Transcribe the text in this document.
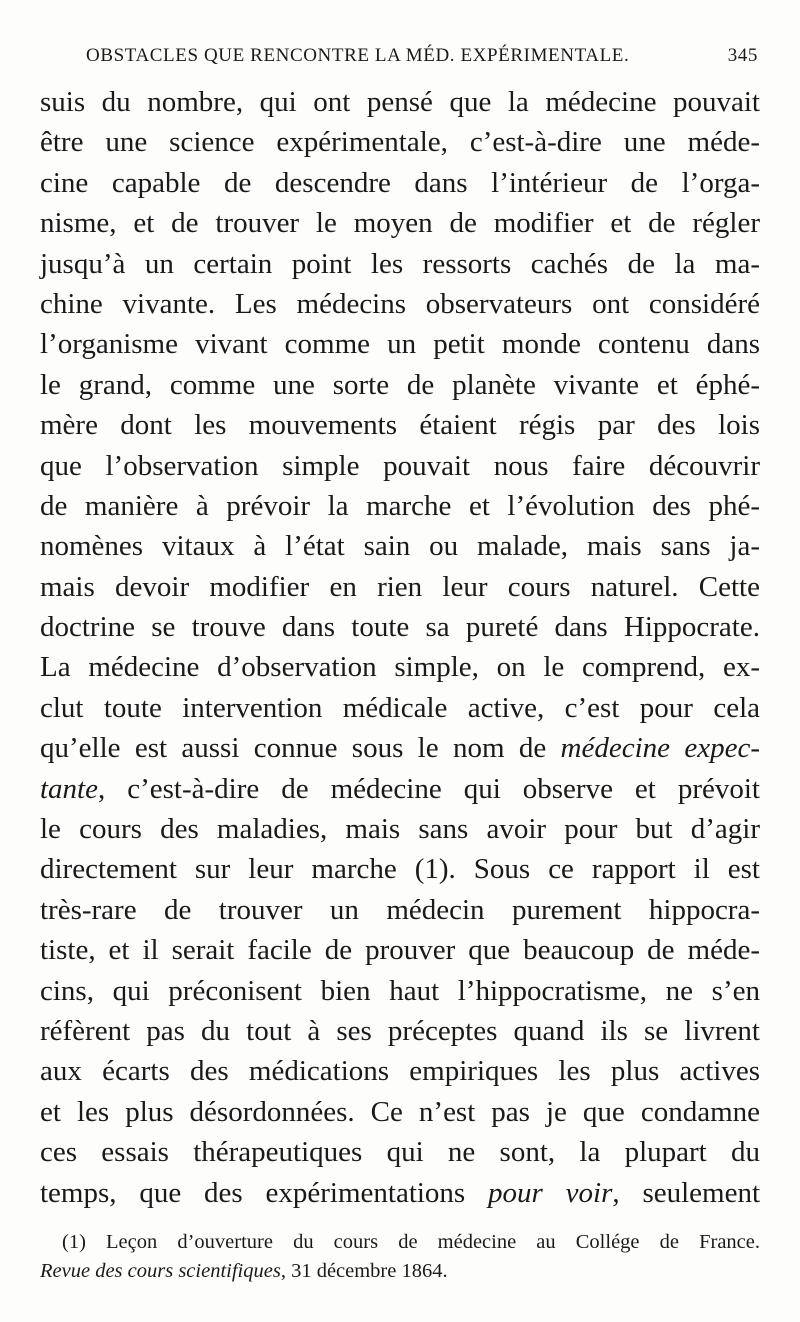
OBSTACLES QUE RENCONTRE LA MÉD. EXPÉRIMENTALE.	345
suis du nombre, qui ont pensé que la médecine pouvait
être une science expérimentale, c’est-à-dire une méde-
cine capable de descendre dans l’intérieur de l’orga-
nisme, et de trouver le moyen de modifier et de régler
jusqu’à un certain point les ressorts cachés de la ma-
chine vivante. Les médecins observateurs ont considéré
l’organisme vivant comme un petit monde contenu dans
le grand, comme une sorte de planète vivante et éphé-
mère dont les mouvements étaient régis par des lois
que l’observation simple pouvait nous faire découvrir
de manière à prévoir la marche et l’évolution des phé-
nomènes vitaux à l’état sain ou malade, mais sans ja-
mais devoir modifier en rien leur cours naturel. Cette
doctrine se trouve dans toute sa pureté dans Hippocrate.
La médecine d’observation simple, on le comprend, ex-
clut toute intervention médicale active, c’est pour cela
qu’elle est aussi connue sous le nom de médecine expec-
tante, c’est-à-dire de médecine qui observe et prévoit
le cours des maladies, mais sans avoir pour but d’agir
directement sur leur marche (1). Sous ce rapport il est
très-rare de trouver un médecin purement hippocra-
tiste, et il serait facile de prouver que beaucoup de méde-
cins, qui préconisent bien haut l’hippocratisme, ne s’en
réfèrent pas du tout à ses préceptes quand ils se livrent
aux écarts des médications empiriques les plus actives
et les plus désordonnées. Ce n’est pas je que condamne
ces essais thérapeutiques qui ne sont, la plupart du
temps, que des expérimentations pour voir, seulement
(1) Leçon d’ouverture du cours de médecine au Collége de France.
Revue des cours scientifiques, 31 décembre 1864.
